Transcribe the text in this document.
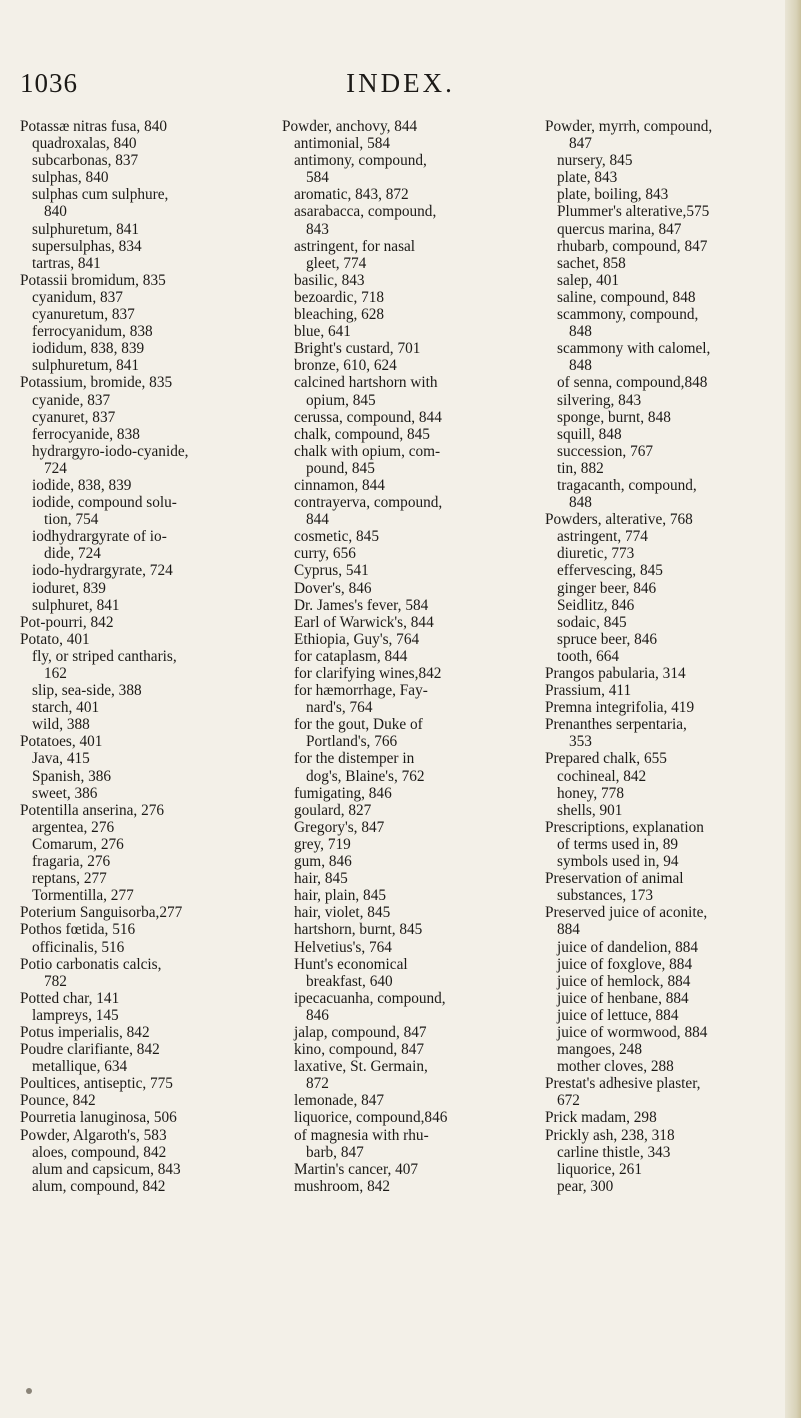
1036	INDEX.
Potassæ nitras fusa, 840
quadroxalas, 840
subcarbonas, 837
sulphas, 840
sulphas cum sulphure,
840
sulphuretum, 841
supersulphas, 834
tartras, 841
Potassii bromidum, 835
cyanidum, 837
cyanuretum, 837
ferrocyanidum, 838
iodidum, 838, 839
sulphuretum, 841
Potassium, bromide, 835
cyanide, 837
cyanuret, 837
ferrocyanide, 838
hydrargyro-iodo-cyanide,
724
iodide, 838, 839
iodide, compound solu-
tion, 754
iodhydrargyrate of io-
dide, 724
iodo-hydrargyrate, 724
ioduret, 839
sulphuret, 841
Pot-pourri, 842
Potato, 401
fly, or striped cantharis,
162
slip, sea-side, 388
starch, 401
wild, 388
Potatoes, 401
Java, 415
Spanish, 386
sweet, 386
Potentilla anserina, 276
argentea, 276
Comarum, 276
fragaria, 276
reptans, 277
Tormentilla, 277
Poterium Sanguisorba,277
Pothos fœtida, 516
officinalis, 516
Potio carbonatis calcis,
782
Potted char, 141
lampreys, 145
Potus imperialis, 842
Poudre clarifiante, 842
metallique, 634
Poultices, antiseptic, 775
Pounce, 842
Pourretia lanuginosa, 506
Powder, Algaroth's, 583
aloes, compound, 842
alum and capsicum, 843
alum, compound, 842
Powder, anchovy, 844
antimonial, 584
antimony, compound,
584
aromatic, 843, 872
asarabacca, compound,
843
astringent, for nasal
gleet, 774
basilic, 843
bezoardic, 718
bleaching, 628
blue, 641
Bright's custard, 701
bronze, 610, 624
calcined hartshorn with
opium, 845
cerussa, compound, 844
chalk, compound, 845
chalk with opium, com-
pound, 845
cinnamon, 844
contrayerva, compound,
844
cosmetic, 845
curry, 656
Cyprus, 541
Dover's, 846
Dr. James's fever, 584
Earl of Warwick's, 844
Ethiopia, Guy's, 764
for cataplasm, 844
for clarifying wines,842
for hæmorrhage, Fay-
nard's, 764
for the gout, Duke of
Portland's, 766
for the distemper in
dog's, Blaine's, 762
fumigating, 846
goulard, 827
Gregory's, 847
grey, 719
gum, 846
hair, 845
hair, plain, 845
hair, violet, 845
hartshorn, burnt, 845
Helvetius's, 764
Hunt's economical
breakfast, 640
ipecacuanha, compound,
846
jalap, compound, 847
kino, compound, 847
laxative, St. Germain,
872
lemonade, 847
liquorice, compound,846
of magnesia with rhu-
barb, 847
Martin's cancer, 407
mushroom, 842
Powder, myrrh, compound,
847
nursery, 845
plate, 843
plate, boiling, 843
Plummer's alterative,575
quercus marina, 847
rhubarb, compound, 847
sachet, 858
salep, 401
saline, compound, 848
scammony, compound,
848
scammony with calomel,
848
of senna, compound,848
silvering, 843
sponge, burnt, 848
squill, 848
succession, 767
tin, 882
tragacanth, compound,
848
Powders, alterative, 768
astringent, 774
diuretic, 773
effervescing, 845
ginger beer, 846
Seidlitz, 846
sodaic, 845
spruce beer, 846
tooth, 664
Prangos pabularia, 314
Prassium, 411
Premna integrifolia, 419
Prenanthes serpentaria,
353
Prepared chalk, 655
cochineal, 842
honey, 778
shells, 901
Prescriptions, explanation
of terms used in, 89
symbols used in, 94
Preservation of animal
substances, 173
Preserved juice of aconite,
884
juice of dandelion, 884
juice of foxglove, 884
juice of hemlock, 884
juice of henbane, 884
juice of lettuce, 884
juice of wormwood, 884
mangoes, 248
mother cloves, 288
Prestat's adhesive plaster,
672
Prick madam, 298
Prickly ash, 238, 318
carline thistle, 343
liquorice, 261
pear, 300
